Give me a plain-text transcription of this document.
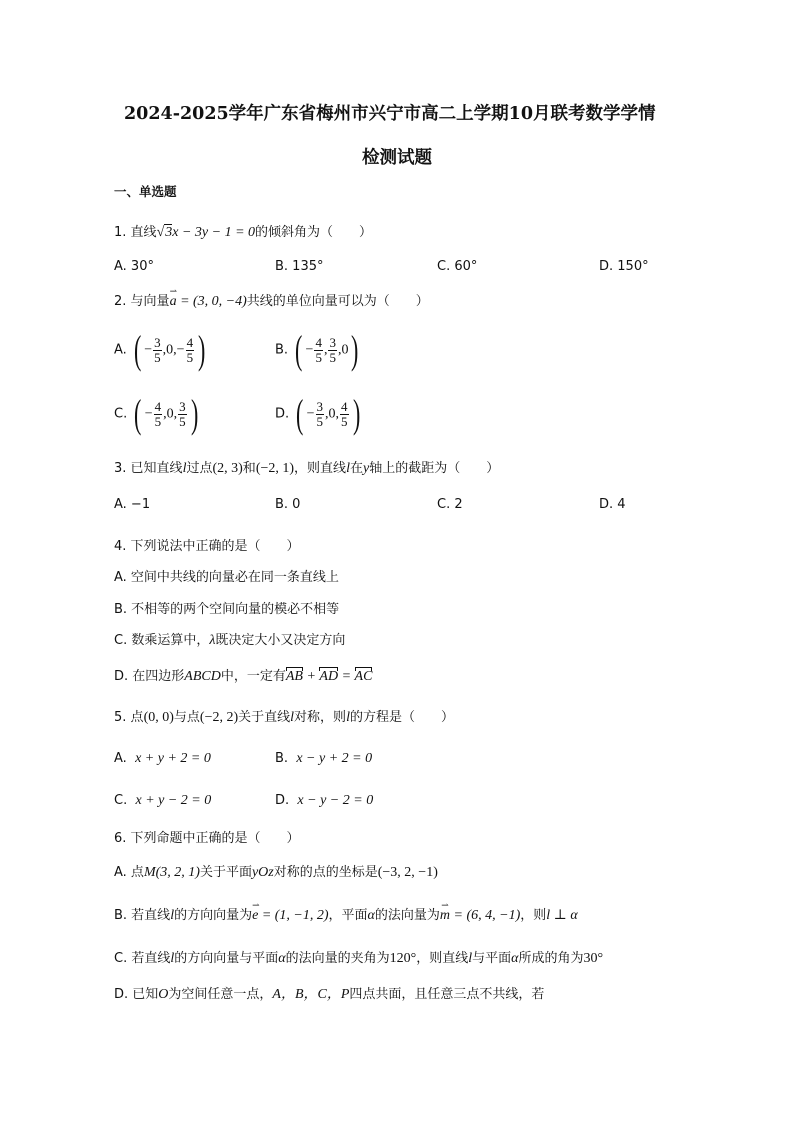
2024-2025学年广东省梅州市兴宁市高二上学期10月联考数学学情
检测试题
一、单选题
1. 直线√3x − 3y − 1 = 0的倾斜角为（　　）
A. 30°	B. 135°	C. 60°	D. 150°
2. 与向量⇀ a = (3, 0, −4)共线的单位向量可以为（　　）
A. ( − $\frac{3}{5} ,0,- \frac{4}{5}$ )	B. ( − $\frac{4}{5}$ , $\frac{3}{5} ,0$)
C. ( − $\frac{4}{5} ,0$, $\frac{3}{5}$ )	D. ( − $\frac{3}{5} ,0$, $\frac{4}{5}$ )
3. 已知直线l过点(2, 3)和(−2, 1)，则直线l在y轴上的截距为（　　）
A. −1	B. 0	C. 2	D. 4
4. 下列说法中正确的是（　　）
A. 空间中共线的向量必在同一条直线上
B. 不相等的两个空间向量的模必不相等
C. 数乘运算中，λ既决定大小又决定方向
D. 在四边形ABCD中，一定有AB + AD = AC
5. 点(0, 0)与点(−2, 2)关于直线l对称，则l的方程是（　　）
A. x + y + 2 = 0	B. x − y + 2 = 0
C. x + y − 2 = 0	D. x − y − 2 = 0
6. 下列命题中正确的是（　　）
A. 点M(3, 2, 1)关于平面yOz对称的点的坐标是(−3, 2, −1)
B. 若直线l的方向向量为⇀ e = (1, −1, 2)，平面α的法向量为⇀ m = (6, 4, −1)，则l ⊥ α
C. 若直线l的方向向量与平面α的法向量的夹角为120°，则直线l与平面α所成的角为30°
D. 已知O为空间任意一点，A，B，C，P四点共面，且任意三点不共线，若
